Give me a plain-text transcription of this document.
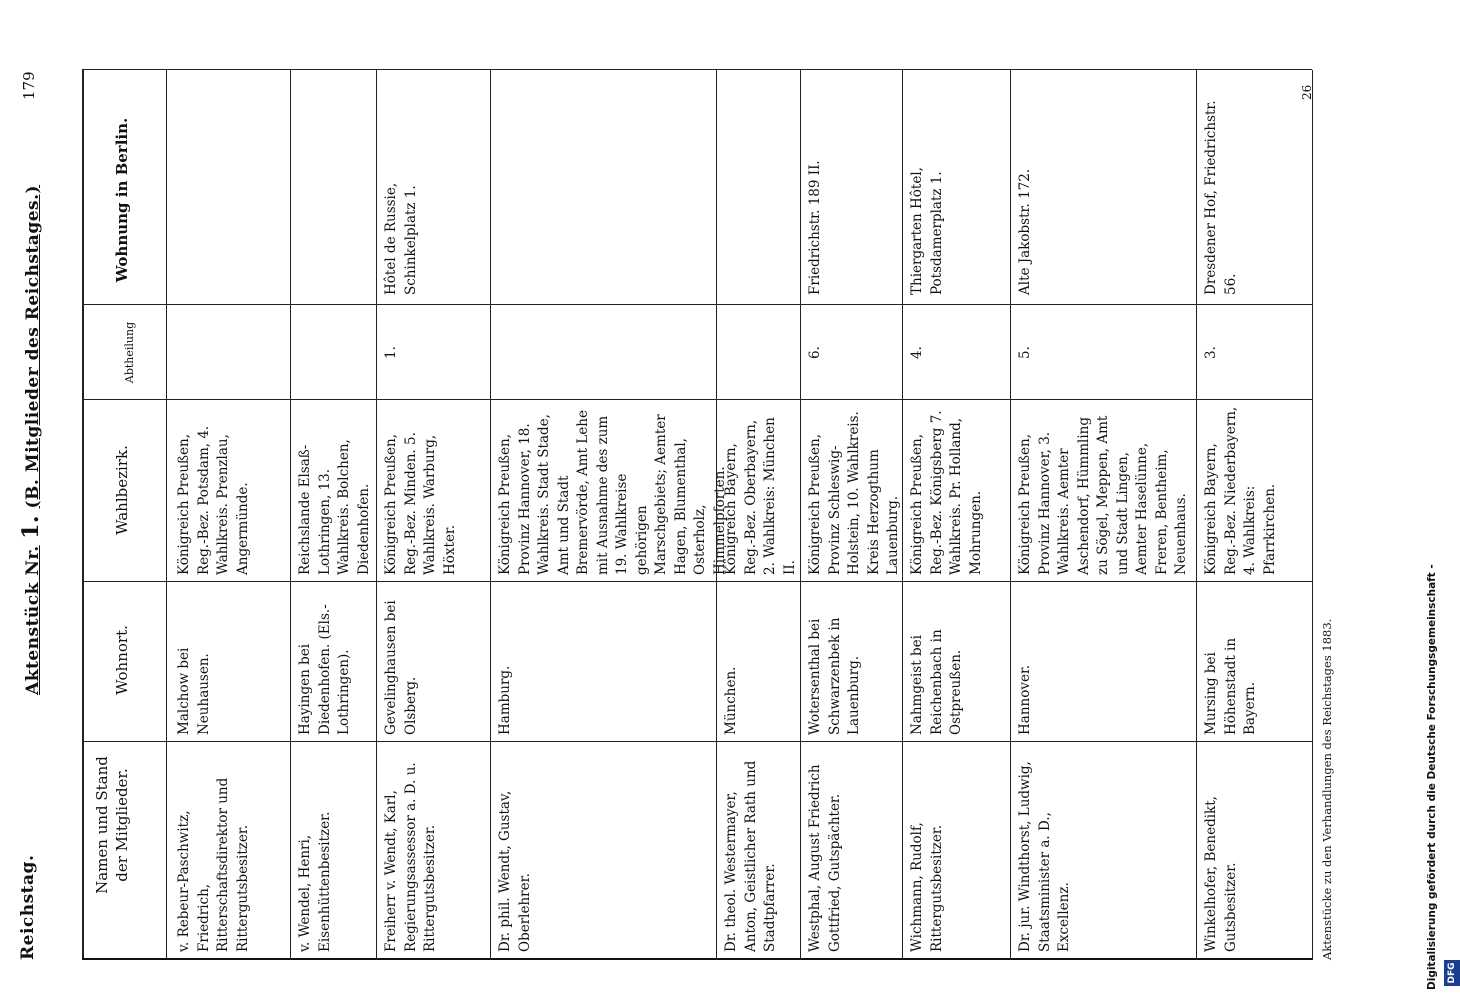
Reichstag.
Aktenstück Nr. 1. (B. Mitglieder des Reichstages.)
179
Namen und Stand der Mitglieder.
Wohnort.
Wahlbezirk.
Abtheilung
Wohnung in Berlin.
v. Rebeur-Paschwitz, Friedrich, Ritterschaftsdirektor und Rittergutsbesitzer.
Malchow bei Neuhausen.
Königreich Preußen, Reg.-Bez. Potsdam, 4. Wahlkreis. Prenzlau, Angermünde.
v. Wendel, Henri, Eisenhüttenbesitzer.
Hayingen bei Diedenhofen. (Els.-Lothringen).
Reichslande Elsaß-Lothringen, 13. Wahlkreis. Bolchen, Diedenhofen.
Freiherr v. Wendt, Karl, Regierungsassessor a. D. u. Rittergutsbesitzer.
Gevelinghausen bei Olsberg.
Königreich Preußen, Reg.-Bez. Minden. 5. Wahlkreis. Warburg, Höxter.
1.
Hôtel de Russie, Schinkelplatz 1.
Dr. phil. Wendt, Gustav, Oberlehrer.
Hamburg.
Königreich Preußen, Provinz Hannover, 18. Wahlkreis. Stadt Stade, Amt und Stadt Bremervörde, Amt Lehe mit Ausnahme des zum 19. Wahlkreise gehörigen Marschgebiets; Aemter Hagen, Blumenthal, Osterholz, Himmelpforten.
Dr. theol. Westermayer, Anton, Geistlicher Rath und Stadtpfarrer.
München.
Königreich Bayern, Reg.-Bez. Oberbayern, 2. Wahlkreis: München II.
Westphal, August Friedrich Gottfried, Gutspächter.
Wotersenthal bei Schwarzenbek in Lauenburg.
Königreich Preußen, Provinz Schleswig-Holstein, 10. Wahlkreis. Kreis Herzogthum Lauenburg.
6.
Friedrichstr. 189 II.
Wichmann, Rudolf, Rittergutsbesitzer.
Nahmgeist bei Reichenbach in Ostpreußen.
Königreich Preußen, Reg.-Bez. Königsberg 7. Wahlkreis. Pr. Holland, Mohrungen.
4.
Thiergarten Hôtel, Potsdamerplatz 1.
Dr. jur. Windthorst, Ludwig, Staatsminister a. D., Excellenz.
Hannover.
Königreich Preußen, Provinz Hannover, 3. Wahlkreis. Aemter Aschendorf, Hümmling zu Sögel, Meppen, Amt und Stadt Lingen, Aemter Haselünne, Freren, Bentheim, Neuenhaus.
5.
Alte Jakobstr. 172.
Winkelhofer, Benedikt, Gutsbesitzer.
Mursing bei Höhenstadt in Bayern.
Königreich Bayern, Reg.-Bez. Niederbayern, 4. Wahlkreis: Pfarrkirchen.
3.
Dresdener Hof, Friedrichstr. 56.
Aktenstücke zu den Verhandlungen des Reichstages 1883.
26
Digitalisierung gefördert durch die Deutsche Forschungsgemeinschaft - DFG
